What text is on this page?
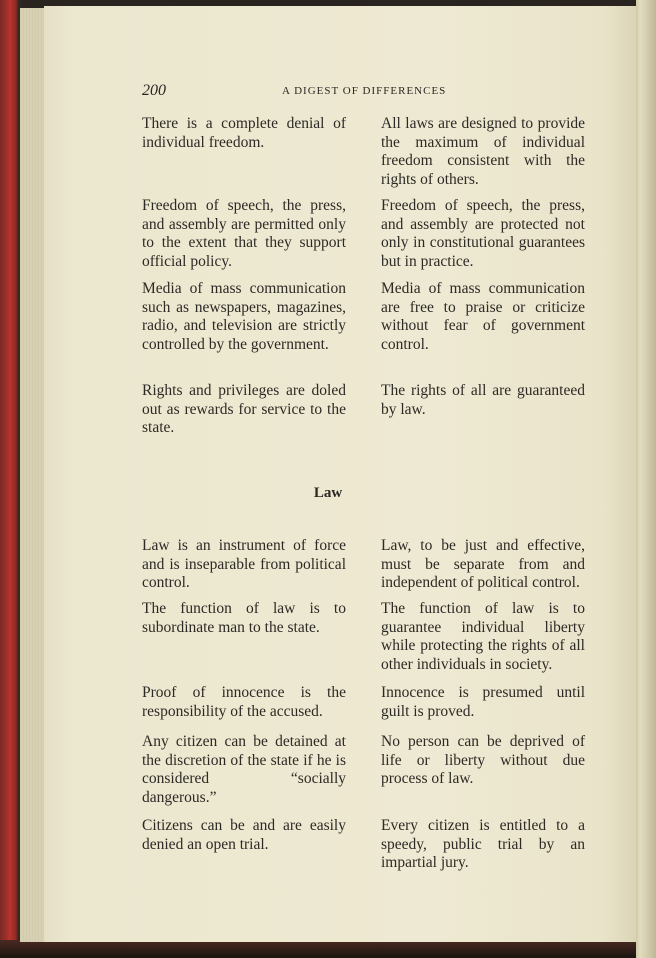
200	A DIGEST OF DIFFERENCES

There is a complete denial of individual freedom.

All laws are designed to provide the maximum of individual freedom consistent with the rights of others.

Freedom of speech, the press, and assembly are permitted only to the extent that they support official policy.

Freedom of speech, the press, and assembly are protected not only in constitutional guarantees but in practice.

Media of mass communication such as newspapers, magazines, radio, and television are strictly controlled by the government.

Media of mass communication are free to praise or criticize without fear of government control.

Rights and privileges are doled out as rewards for service to the state.

The rights of all are guaranteed by law.

Law

Law is an instrument of force and is inseparable from political control.

Law, to be just and effective, must be separate from and independent of political control.

The function of law is to subordinate man to the state.

The function of law is to guarantee individual liberty while protecting the rights of all other individuals in society.

Proof of innocence is the responsibility of the accused.

Innocence is presumed until guilt is proved.

Any citizen can be detained at the discretion of the state if he is considered “socially dangerous.”

No person can be deprived of life or liberty without due process of law.

Citizens can be and are easily denied an open trial.

Every citizen is entitled to a speedy, public trial by an impartial jury.
